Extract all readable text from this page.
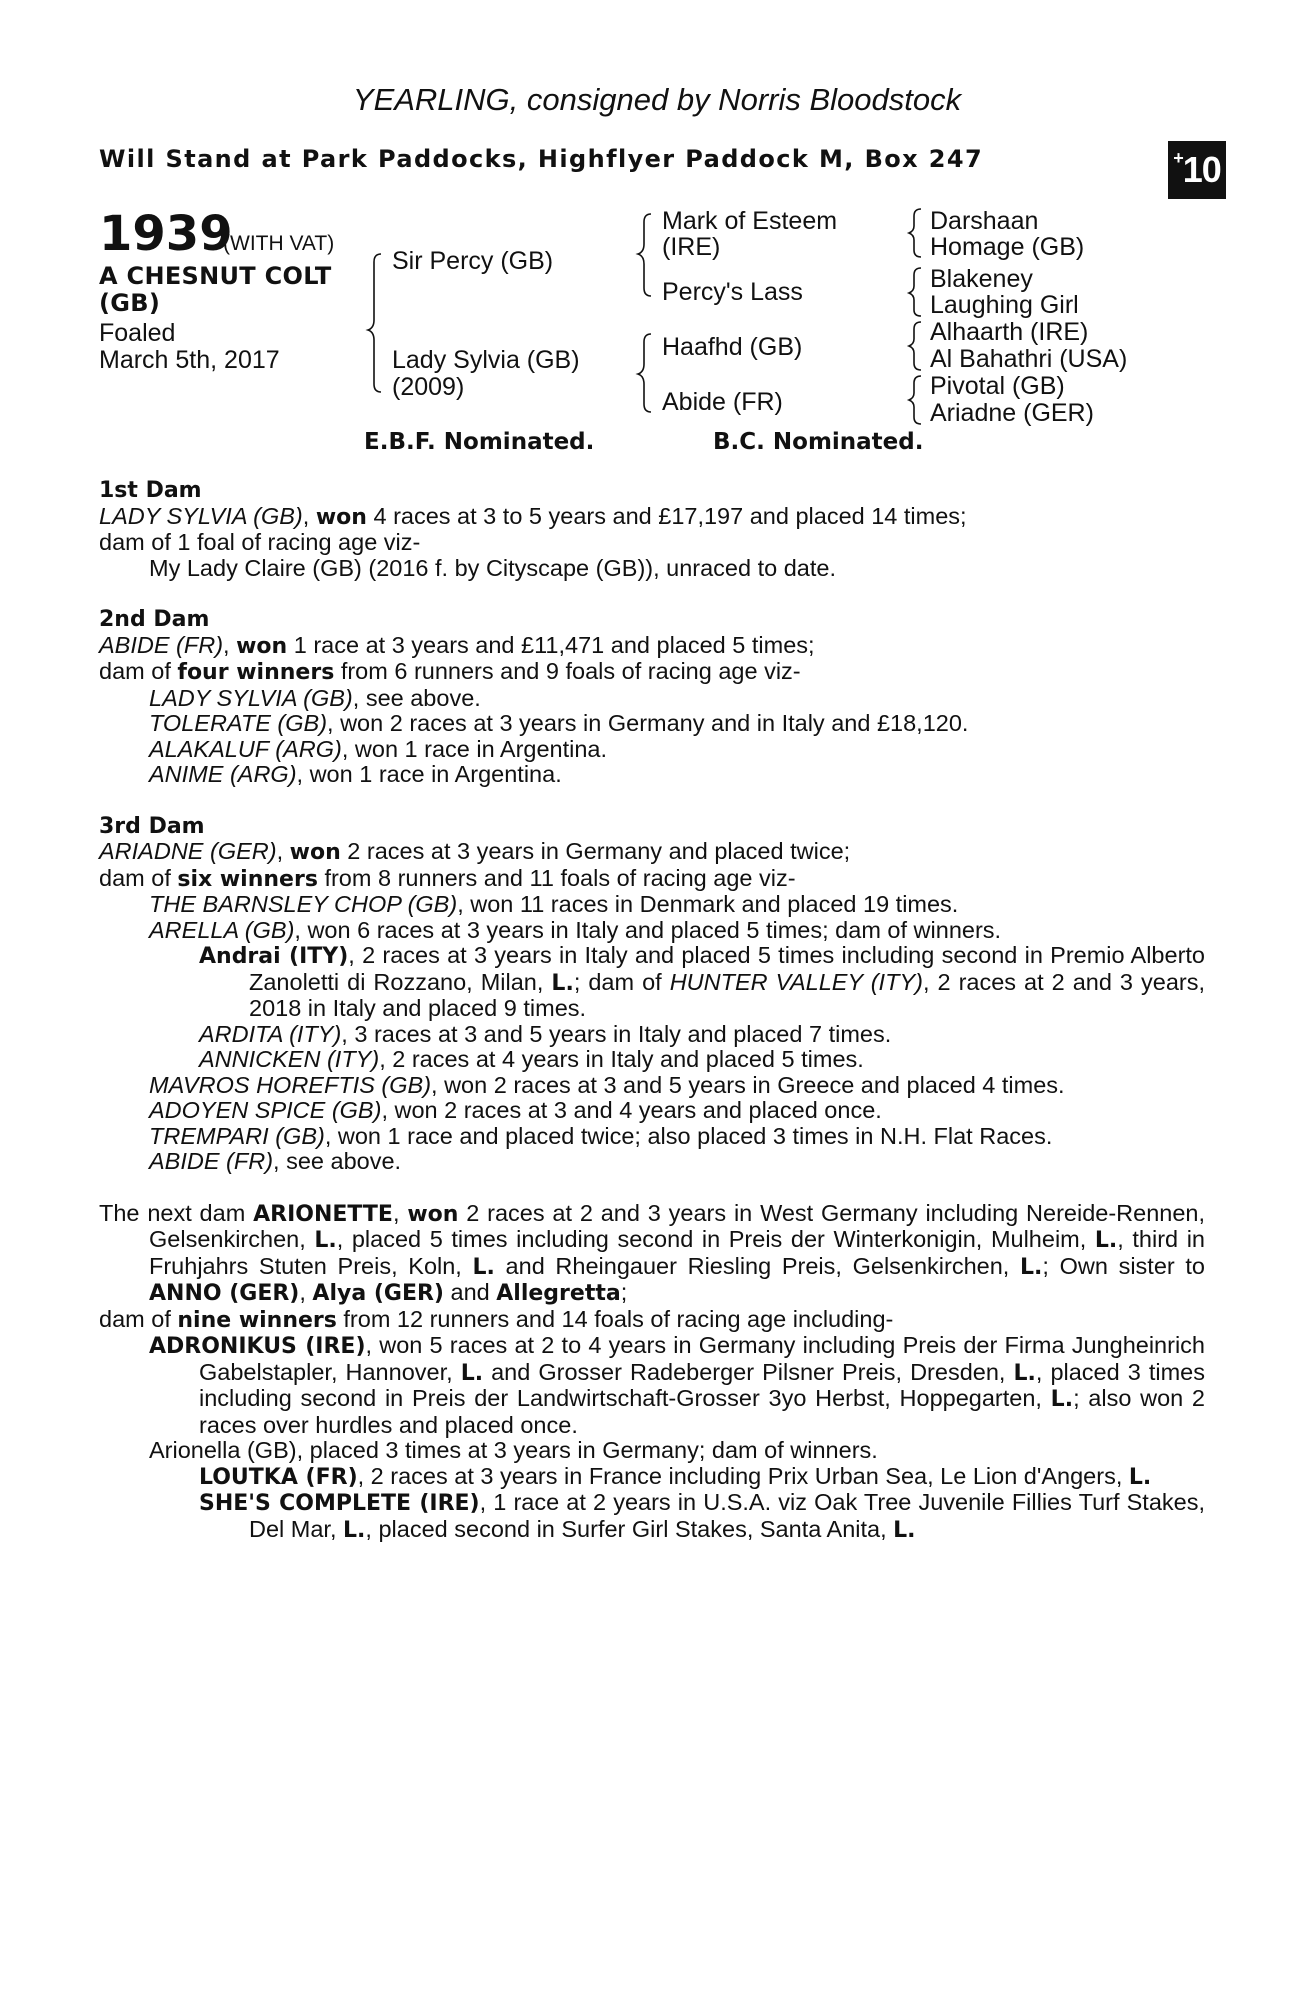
YEARLING, consigned by Norris Bloodstock
Will Stand at Park Paddocks, Highflyer Paddock M, Box 247	+10
1939
(WITH VAT)
A CHESNUT COLT
(GB)
Foaled
March 5th, 2017
Sir Percy (GB)
Lady Sylvia (GB)
(2009)
Mark of Esteem
(IRE)
Percy's Lass
Haafhd (GB)
Abide (FR)
Darshaan
Homage (GB)
Blakeney
Laughing Girl
Alhaarth (IRE)
Al Bahathri (USA)
Pivotal (GB)
Ariadne (GER)
E.B.F. Nominated.	B.C. Nominated.
1st Dam
LADY SYLVIA (GB), won 4 races at 3 to 5 years and £17,197 and placed 14 times;
dam of 1 foal of racing age viz-
My Lady Claire (GB) (2016 f. by Cityscape (GB)), unraced to date.
2nd Dam
ABIDE (FR), won 1 race at 3 years and £11,471 and placed 5 times;
dam of four winners from 6 runners and 9 foals of racing age viz-
LADY SYLVIA (GB), see above.
TOLERATE (GB), won 2 races at 3 years in Germany and in Italy and £18,120.
ALAKALUF (ARG), won 1 race in Argentina.
ANIME (ARG), won 1 race in Argentina.
3rd Dam
ARIADNE (GER), won 2 races at 3 years in Germany and placed twice;
dam of six winners from 8 runners and 11 foals of racing age viz-
THE BARNSLEY CHOP (GB), won 11 races in Denmark and placed 19 times.
ARELLA (GB), won 6 races at 3 years in Italy and placed 5 times; dam of winners.
Andrai (ITY), 2 races at 3 years in Italy and placed 5 times including second in Premio Alberto Zanoletti di Rozzano, Milan, L.; dam of HUNTER VALLEY (ITY), 2 races at 2 and 3 years, 2018 in Italy and placed 9 times.
ARDITA (ITY), 3 races at 3 and 5 years in Italy and placed 7 times.
ANNICKEN (ITY), 2 races at 4 years in Italy and placed 5 times.
MAVROS HOREFTIS (GB), won 2 races at 3 and 5 years in Greece and placed 4 times.
ADOYEN SPICE (GB), won 2 races at 3 and 4 years and placed once.
TREMPARI (GB), won 1 race and placed twice; also placed 3 times in N.H. Flat Races.
ABIDE (FR), see above.
The next dam ARIONETTE, won 2 races at 2 and 3 years in West Germany including Nereide-Rennen, Gelsenkirchen, L., placed 5 times including second in Preis der Winterkonigin, Mulheim, L., third in Fruhjahrs Stuten Preis, Koln, L. and Rheingauer Riesling Preis, Gelsenkirchen, L.; Own sister to ANNO (GER), Alya (GER) and Allegretta;
dam of nine winners from 12 runners and 14 foals of racing age including-
ADRONIKUS (IRE), won 5 races at 2 to 4 years in Germany including Preis der Firma Jungheinrich Gabelstapler, Hannover, L. and Grosser Radeberger Pilsner Preis, Dresden, L., placed 3 times including second in Preis der Landwirtschaft-Grosser 3yo Herbst, Hoppegarten, L.; also won 2 races over hurdles and placed once.
Arionella (GB), placed 3 times at 3 years in Germany; dam of winners.
LOUTKA (FR), 2 races at 3 years in France including Prix Urban Sea, Le Lion d'Angers, L.
SHE'S COMPLETE (IRE), 1 race at 2 years in U.S.A. viz Oak Tree Juvenile Fillies Turf Stakes, Del Mar, L., placed second in Surfer Girl Stakes, Santa Anita, L.
